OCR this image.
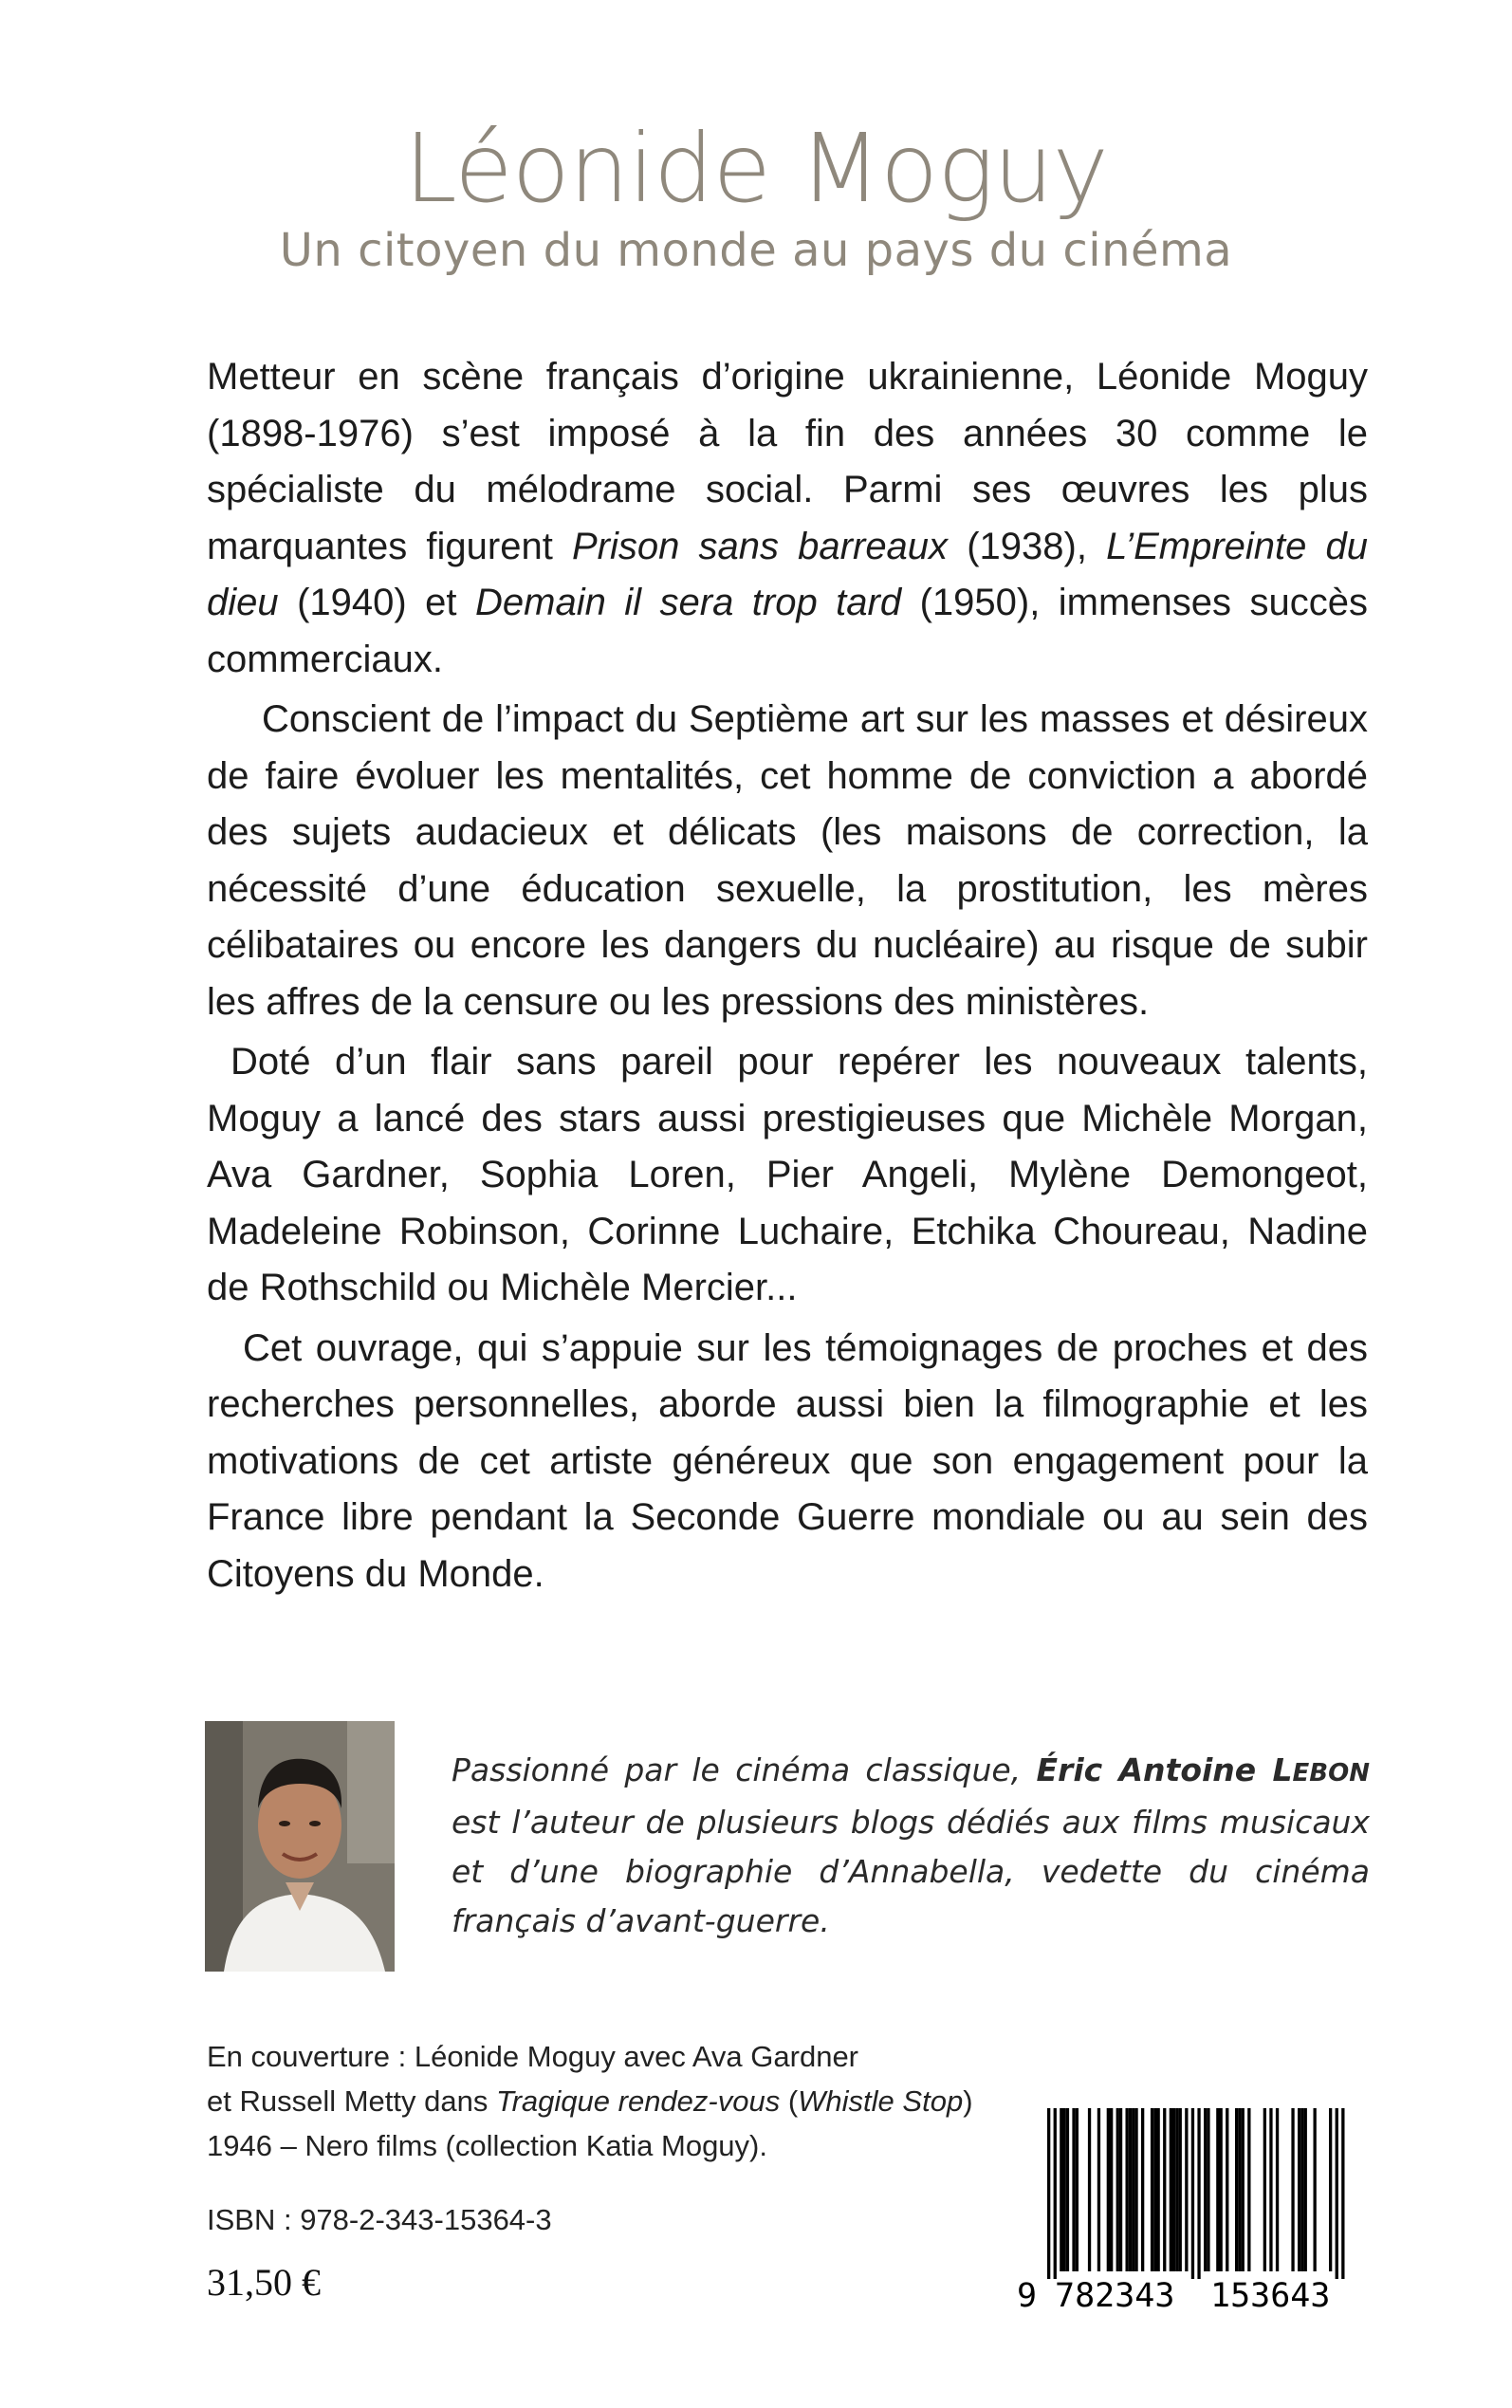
Léonide Moguy
Un citoyen du monde au pays du cinéma

Metteur en scène français d’origine ukrainienne, Léonide Moguy (1898-1976) s’est imposé à la fin des années 30 comme le spécialiste du mélodrame social. Parmi ses œuvres les plus marquantes figurent Prison sans barreaux (1938), L’Empreinte du dieu (1940) et Demain il sera trop tard (1950), immenses succès commerciaux.

Conscient de l’impact du Septième art sur les masses et désireux de faire évoluer les mentalités, cet homme de conviction a abordé des sujets audacieux et délicats (les maisons de correction, la nécessité d’une éducation sexuelle, la prostitution, les mères célibataires ou encore les dangers du nucléaire) au risque de subir les affres de la censure ou les pressions des ministères.

Doté d’un flair sans pareil pour repérer les nouveaux talents, Moguy a lancé des stars aussi prestigieuses que Michèle Morgan, Ava Gardner, Sophia Loren, Pier Angeli, Mylène Demongeot, Madeleine Robinson, Corinne Luchaire, Etchika Choureau, Nadine de Rothschild ou Michèle Mercier...

Cet ouvrage, qui s’appuie sur les témoignages de proches et des recherches personnelles, aborde aussi bien la filmographie et les motivations de cet artiste généreux que son engagement pour la France libre pendant la Seconde Guerre mondiale ou au sein des Citoyens du Monde.

Passionné par le cinéma classique, Éric Antoine LEBON est l’auteur de plusieurs blogs dédiés aux films musicaux et d’une biographie d’Annabella, vedette du cinéma français d’avant-guerre.
En couverture : Léonide Moguy avec Ava Gardner
et Russell Metty dans Tragique rendez-vous (Whistle Stop)
1946 – Nero films (collection Katia Moguy).
ISBN : 978-2-343-15364-3
31,50 €	9 782343 153643
